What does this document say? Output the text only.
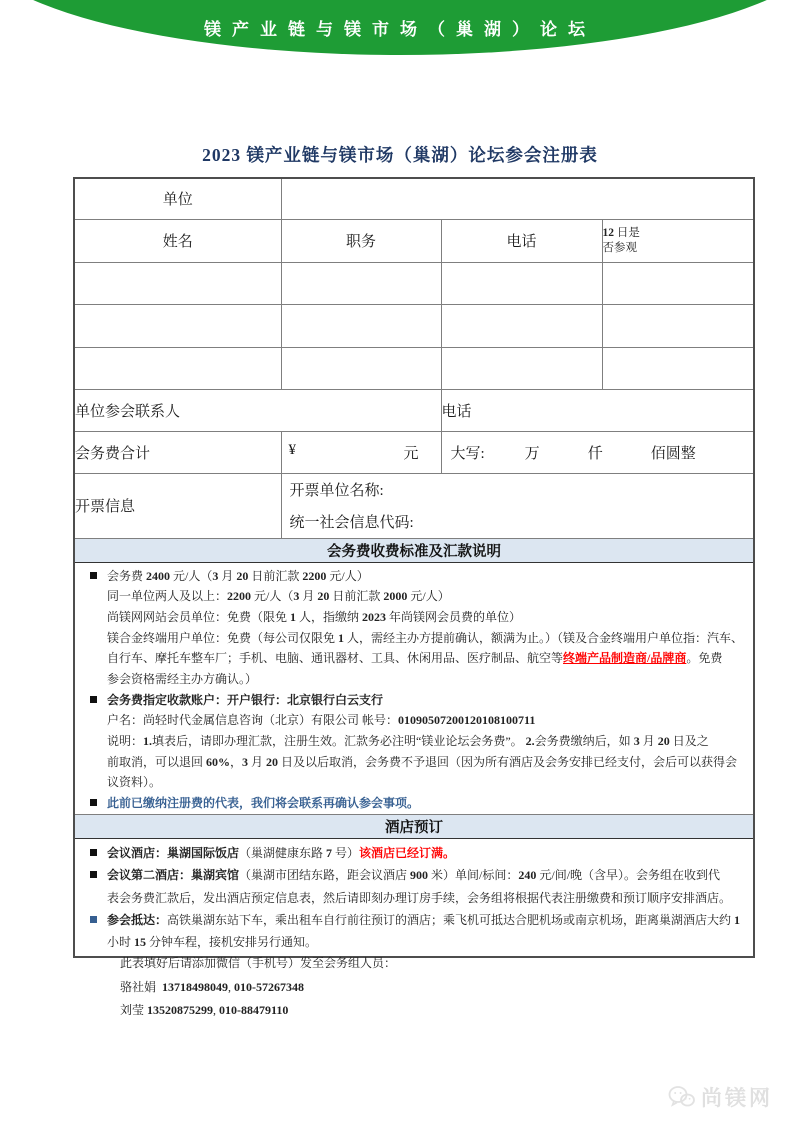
镁产业链与镁市场（巢湖）论坛
2023 镁产业链与镁市场（巢湖）论坛参会注册表
单位			
姓名	职务	电话	12 日是
否参观

单位参会联系人		电话	
会务费合计	¥ 元	大写: 万 仟 佰圆整	

开票信息	开票单位名称:
统一社会信息代码:		

会务费收费标准及汇款说明			

会务费 2400 元/人（3 月 20 日前汇款 2200 元/人）
同一单位两人及以上：2200 元/人（3 月 20 日前汇款 2000 元/人）
尚镁网网站会员单位：免费（限免 1 人，指缴纳 2023 年尚镁网会员费的单位）
镁合金终端用户单位：免费（每公司仅限免 1 人，需经主办方提前确认，额满为止。）（镁及合金终端用户单位指：汽车、
自行车、摩托车整车厂；手机、电脑、通讯器材、工具、休闲用品、医疗制品、航空等终端产品制造商/品牌商。免费
参会资格需经主办方确认。）
会务费指定收款账户：开户银行：北京银行白云支行
户名：尚轻时代金属信息咨询（北京）有限公司 帐号：01090507200120108100711
说明：1.填表后，请即办理汇款，注册生效。汇款务必注明“镁业论坛会务费”。 2.会务费缴纳后，如 3 月 20 日及之
前取消，可以退回 60%，3 月 20 日及以后取消，会务费不予退回（因为所有酒店及会务安排已经支付，会后可以获得会
议资料）。
此前已缴纳注册费的代表，我们将会联系再确认参会事项。

酒店预订			

会议酒店：巢湖国际饭店（巢湖健康东路 7 号）该酒店已经订满。
会议第二酒店：巢湖宾馆（巢湖市团结东路，距会议酒店 900 米）单间/标间：240 元/间/晚（含早）。会务组在收到代
表会务费汇款后，发出酒店预定信息表，然后请即刻办理订房手续，会务组将根据代表注册缴费和预订顺序安排酒店。
参会抵达：高铁巢湖东站下车，乘出租车自行前往预订的酒店；乘飞机可抵达合肥机场或南京机场，距离巢湖酒店大约 1
小时 15 分钟车程，接机安排另行通知。			
此表填好后请添加微信（手机号）发至会务组人员：
骆社娟  13718498049, 010-57267348
刘莹 13520875299, 010-88479110
尚镁网
